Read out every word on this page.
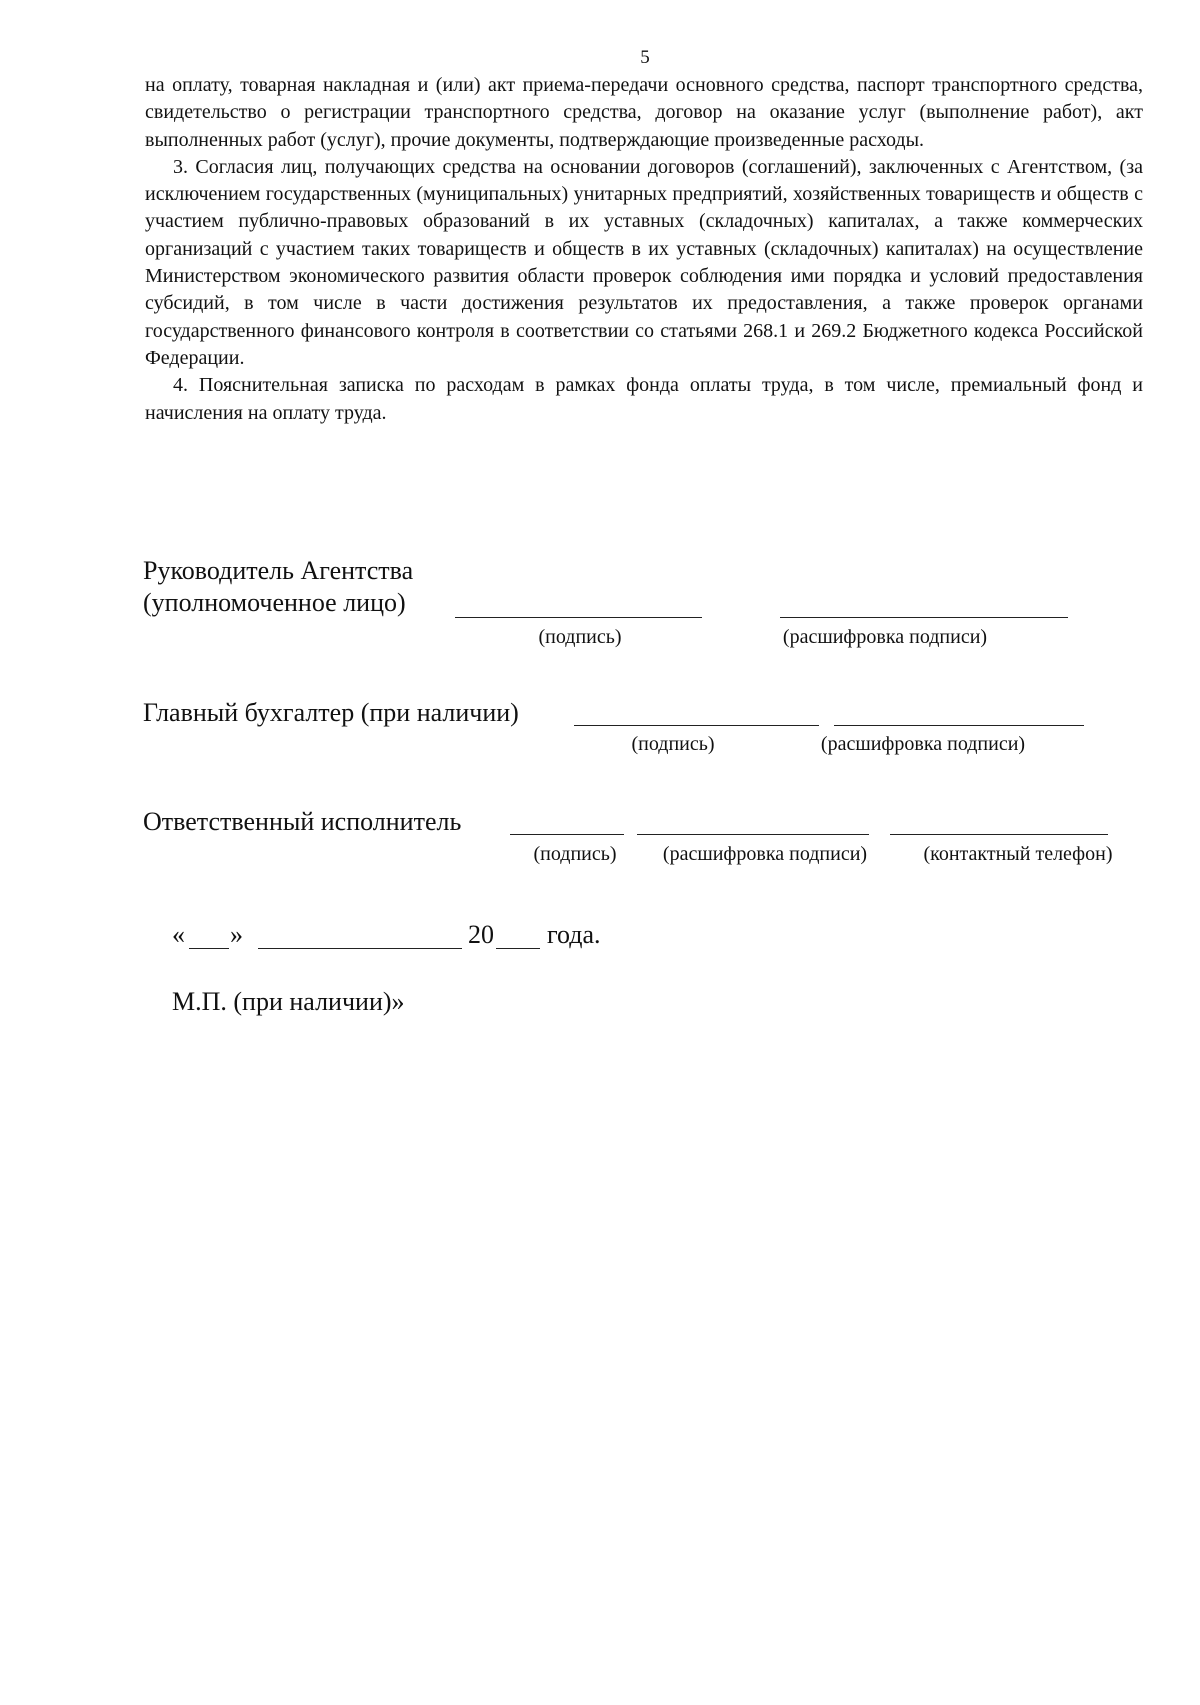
5

на оплату, товарная накладная и (или) акт приема-передачи основного средства, паспорт транспортного средства, свидетельство о регистрации транспортного средства, договор на оказание услуг (выполнение работ), акт выполненных работ (услуг), прочие документы, подтверждающие произведенные расходы.

3. Согласия лиц, получающих средства на основании договоров (соглашений), заключенных с Агентством, (за исключением государственных (муниципальных) унитарных предприятий, хозяйственных товариществ и обществ с участием публично-правовых образований в их уставных (складочных) капиталах, а также коммерческих организаций с участием таких товариществ и обществ в их уставных (складочных) капиталах) на осуществление Министерством экономического развития области проверок соблюдения ими порядка и условий предоставления субсидий, в том числе в части достижения результатов их предоставления, а также проверок органами государственного финансового контроля в соответствии со статьями 268.1 и 269.2 Бюджетного кодекса Российской Федерации.

4. Пояснительная записка по расходам в рамках фонда оплаты труда, в том числе, премиальный фонд и начисления на оплату труда.

Руководитель Агентства
(уполномоченное лицо)
(подпись)	(расшифровка подписи)
Главный бухгалтер (при наличии)
(подпись)	(расшифровка подписи)
Ответственный исполнитель
(подпись)	(расшифровка подписи)	(контактный телефон)
« »	20 года.
М.П. (при наличии)»
